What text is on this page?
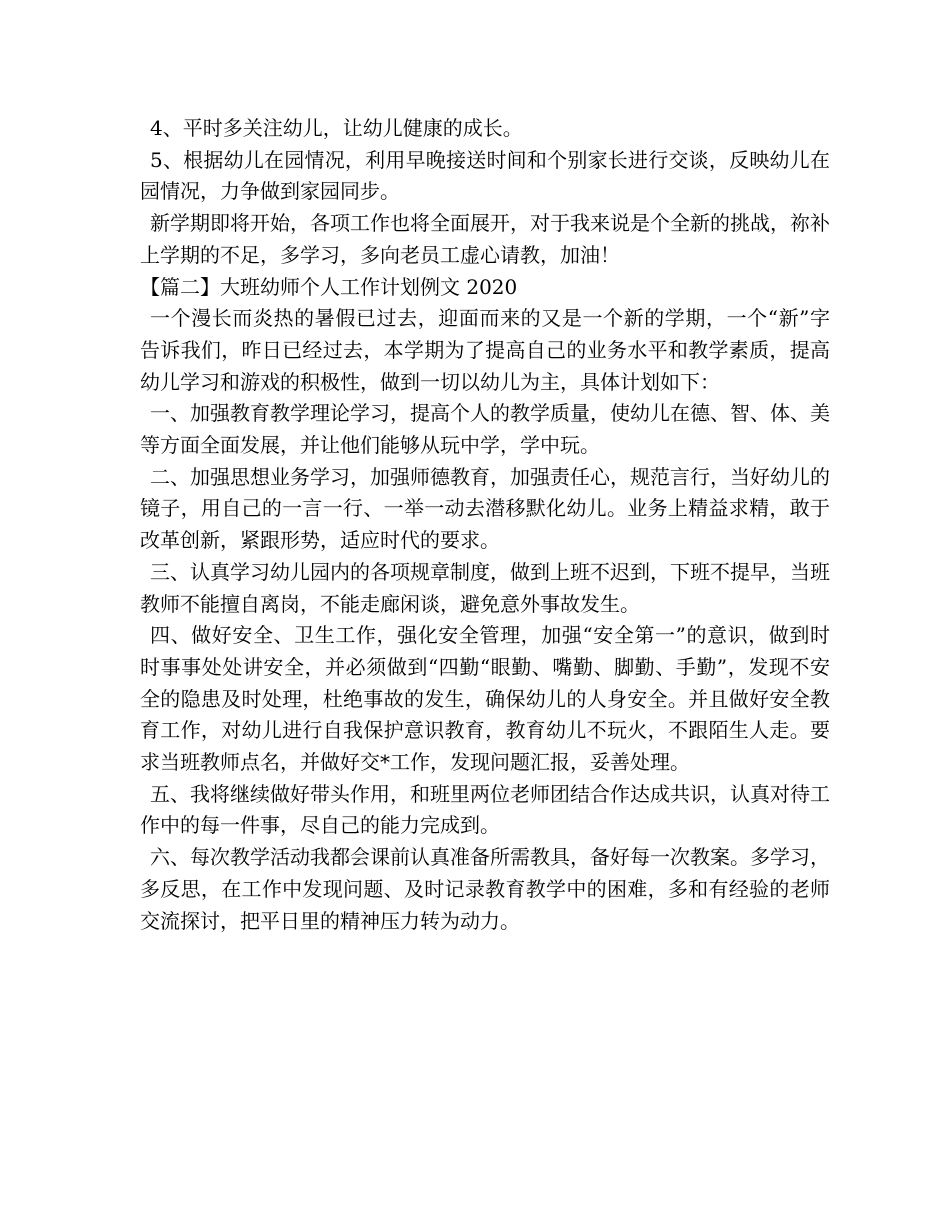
4、平时多关注幼儿，让幼儿健康的成长。

5、根据幼儿在园情况，利用早晚接送时间和个别家长进行交谈，反映幼儿在园情况，力争做到家园同步。

新学期即将开始，各项工作也将全面展开，对于我来说是个全新的挑战，祢补上学期的不足，多学习，多向老员工虚心请教，加油！

【篇二】大班幼师个人工作计划例文 2020

一个漫长而炎热的暑假已过去，迎面而来的又是一个新的学期，一个“新”字告诉我们，昨日已经过去，本学期为了提高自己的业务水平和教学素质，提高幼儿学习和游戏的积极性，做到一切以幼儿为主，具体计划如下：

一、加强教育教学理论学习，提高个人的教学质量，使幼儿在德、智、体、美等方面全面发展，并让他们能够从玩中学，学中玩。

二、加强思想业务学习，加强师德教育，加强责任心，规范言行，当好幼儿的镜子，用自己的一言一行、一举一动去潜移默化幼儿。业务上精益求精，敢于改革创新，紧跟形势，适应时代的要求。

三、认真学习幼儿园内的各项规章制度，做到上班不迟到，下班不提早，当班教师不能擅自离岗，不能走廊闲谈，避免意外事故发生。

四、做好安全、卫生工作，强化安全管理，加强“安全第一”的意识，做到时时事事处处讲安全，并必须做到“四勤“眼勤、嘴勤、脚勤、手勤”，发现不安全的隐患及时处理，杜绝事故的发生，确保幼儿的人身安全。并且做好安全教育工作，对幼儿进行自我保护意识教育，教育幼儿不玩火，不跟陌生人走。要求当班教师点名，并做好交*工作，发现问题汇报，妥善处理。

五、我将继续做好带头作用，和班里两位老师团结合作达成共识，认真对待工作中的每一件事，尽自己的能力完成到。

六、每次教学活动我都会课前认真准备所需教具，备好每一次教案。多学习，多反思，在工作中发现问题、及时记录教育教学中的困难，多和有经验的老师交流探讨，把平日里的精神压力转为动力。
